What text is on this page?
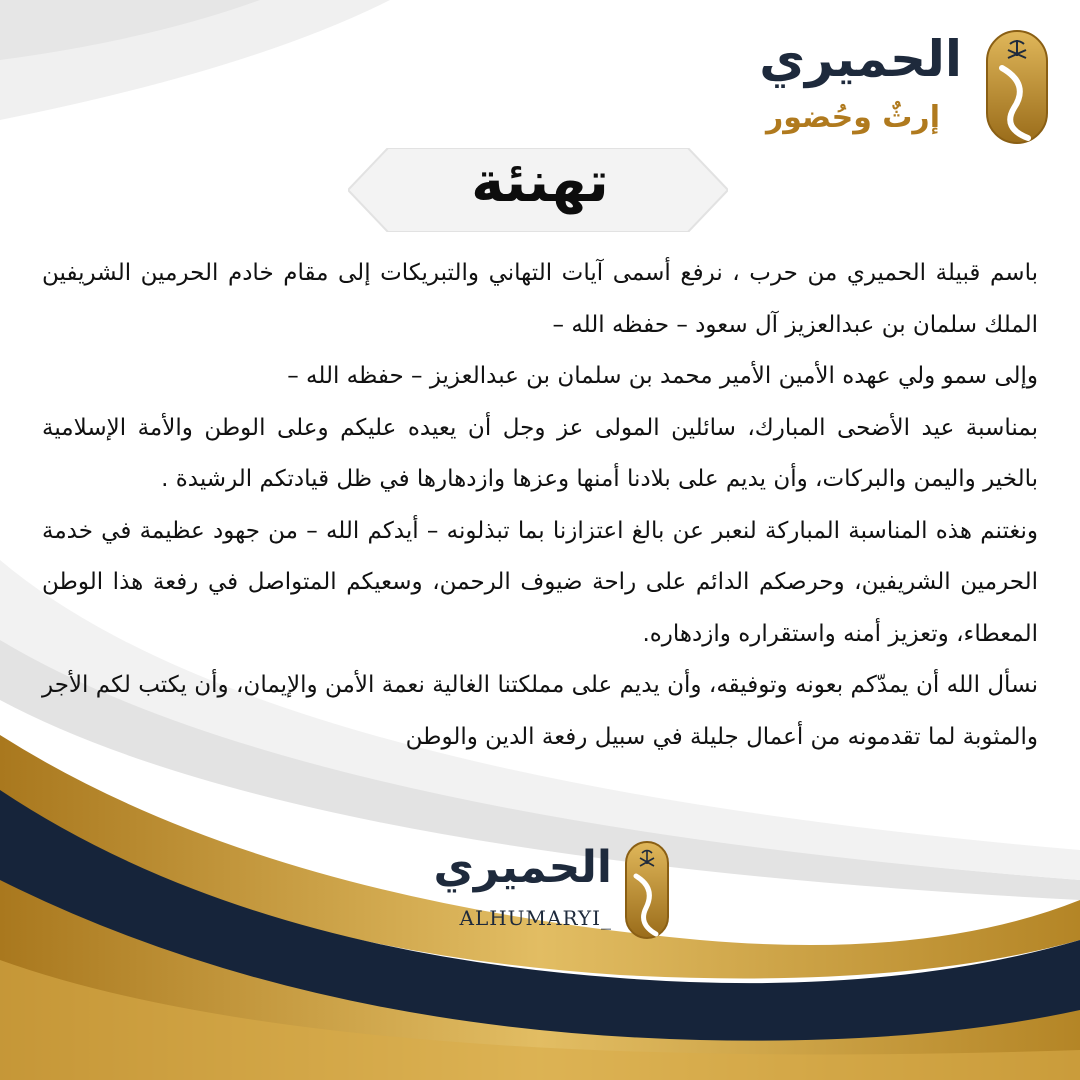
الحميري
إرثٌ وحُضور
تهنئة

باسم قبيلة الحميري من حرب ، نرفع أسمى آيات التهاني والتبريكات إلى مقام خادم الحرمين الشريفين الملك سلمان بن عبدالعزيز آل سعود – حفظه الله –

وإلى سمو ولي عهده الأمين الأمير محمد بن سلمان بن عبدالعزيز – حفظه الله –

بمناسبة عيد الأضحى المبارك، سائلين المولى عز وجل أن يعيده عليكم وعلى الوطن والأمة الإسلامية بالخير واليمن والبركات، وأن يديم على بلادنا أمنها وعزها وازدهارها في ظل قيادتكم الرشيدة .

ونغتنم هذه المناسبة المباركة لنعبر عن بالغ اعتزازنا بما تبذلونه – أيدكم الله – من جهود عظيمة في خدمة الحرمين الشريفين، وحرصكم الدائم على راحة ضيوف الرحمن، وسعيكم المتواصل في رفعة هذا الوطن المعطاء، وتعزيز أمنه واستقراره وازدهاره.

نسأل الله أن يمدّكم بعونه وتوفيقه، وأن يديم على مملكتنا الغالية نعمة الأمن والإيمان، وأن يكتب لكم الأجر والمثوبة لما تقدمونه من أعمال جليلة في سبيل رفعة الدين والوطن

الحميري
ALHUMARYI_
